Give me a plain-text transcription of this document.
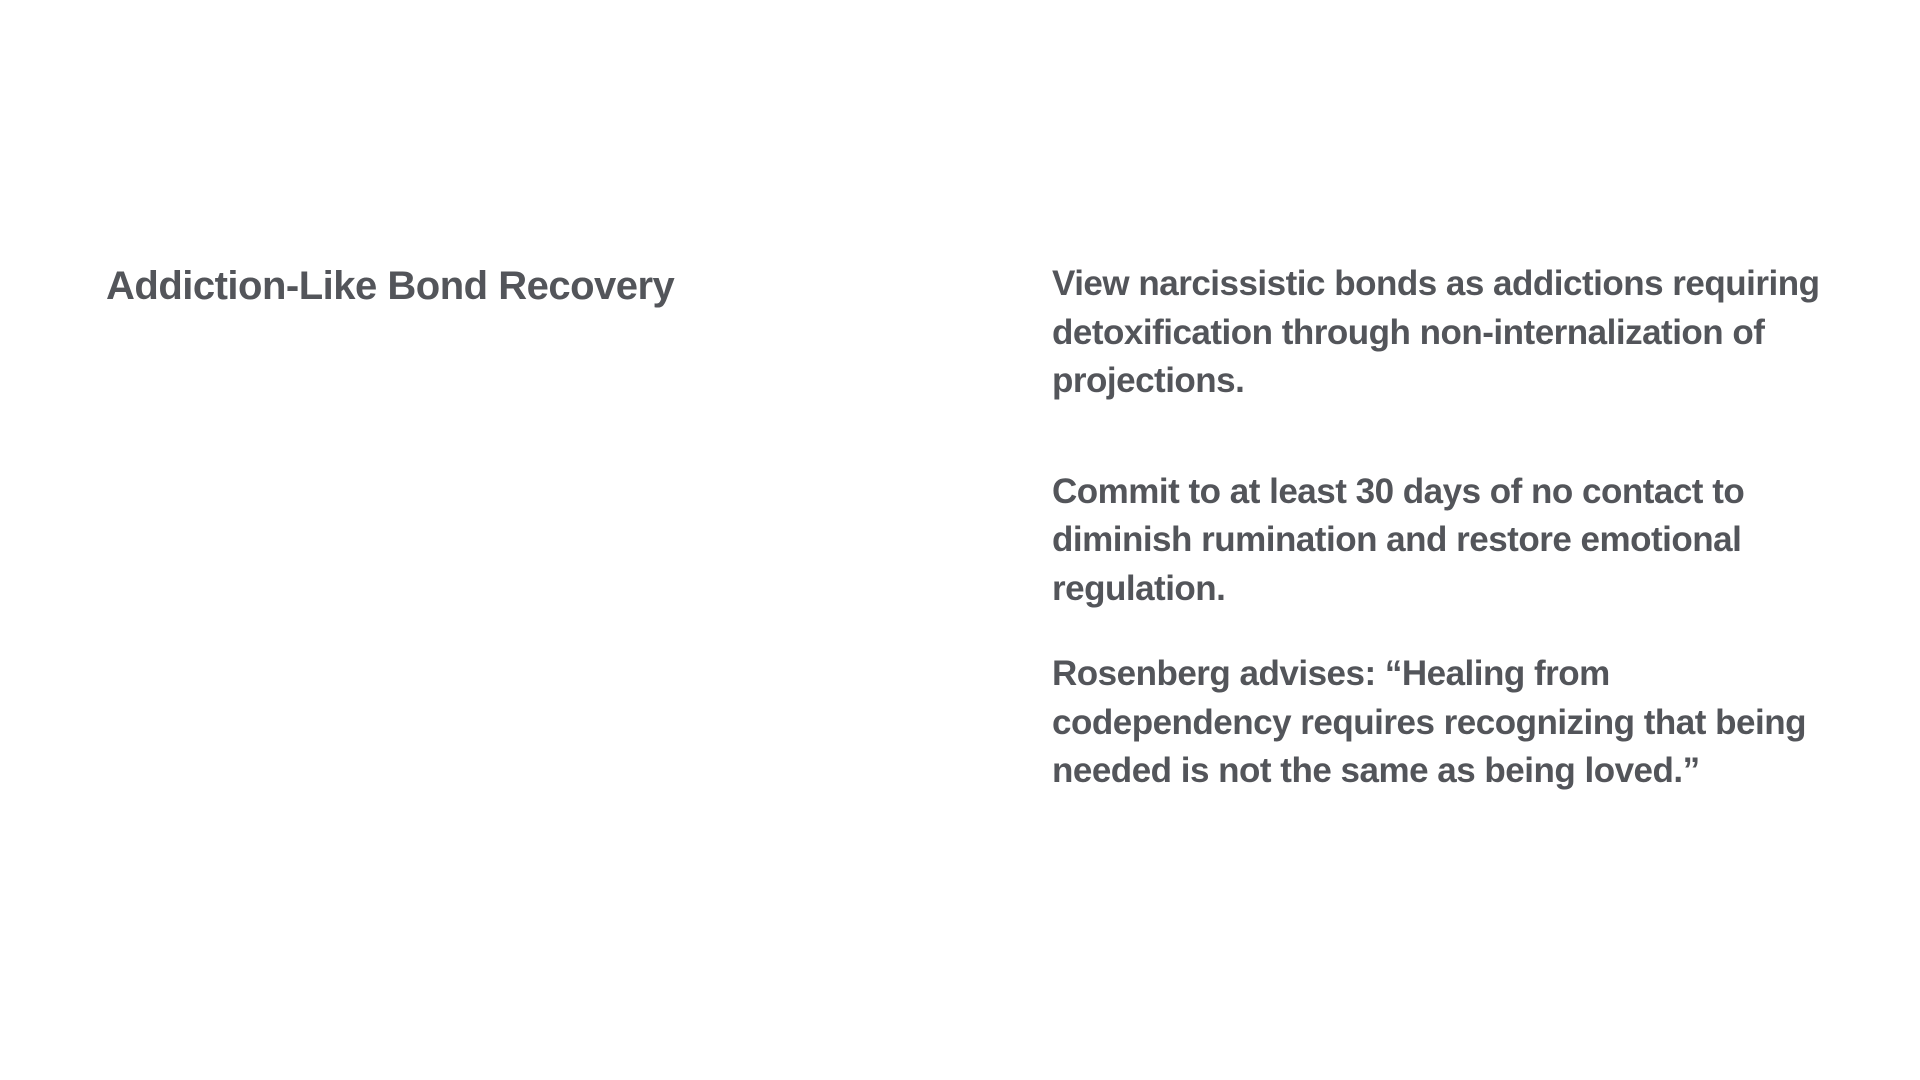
Addiction-Like Bond Recovery	View narcissistic bonds as addictions requiring detoxification through non-internalization of projections.

Commit to at least 30 days of no contact to diminish rumination and restore emotional regulation.

Rosenberg advises: “Healing from codependency requires recognizing that being needed is not the same as being loved.”
